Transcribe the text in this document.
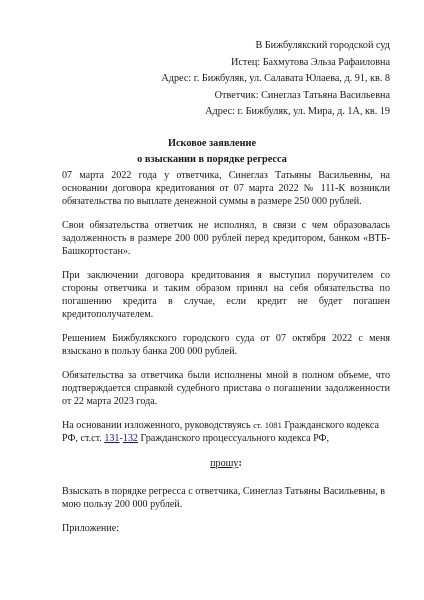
В Бижбулякский городской суд
Истец: Бахмутова Эльза Рафаиловна
Адрес: г. Бижбуляк, ул. Салавата Юлаева, д. 91, кв. 8
Ответчик: Синеглаз Татьяна Васильевна
Адрес: г. Бижбуляк, ул. Мира, д. 1А, кв. 19
Исковое заявление
о взыскании в порядке регресса

07 марта 2022 года у ответчика, Синеглаз Татьяны Васильевны, на основании договора кредитования от 07 марта 2022 № 111-К возникли обязательства по выплате денежной суммы в размере 250 000 рублей.

Свои обязательства ответчик не исполнял, в связи с чем образовалась задолженность в размере 200 000 рублей перед кредитором, банком «ВТБ-Башкортостан».

При заключении договора кредитования я выступил поручителем со стороны ответчика и таким образом принял на себя обязательства по погашению кредита в случае, если кредит не будет погашен кредитополучателем.

Решением Бижбулякского городского суда от 07 октября 2022 с меня взыскано в пользу банка 200 000 рублей.

Обязательства за ответчика были исполнены мной в полном объеме, что подтверждается справкой судебного пристава о погашении задолженности от 22 марта 2023 года.

На основании изложенного, руководствуясь ст. 1081 Гражданского кодекса РФ, ст.ст. 131-132 Гражданского процессуального кодекса РФ,

прошу:

Взыскать в порядке регресса с ответчика, Синеглаз Татьяны Васильевны, в мою пользу 200 000 рублей.

Приложение:
